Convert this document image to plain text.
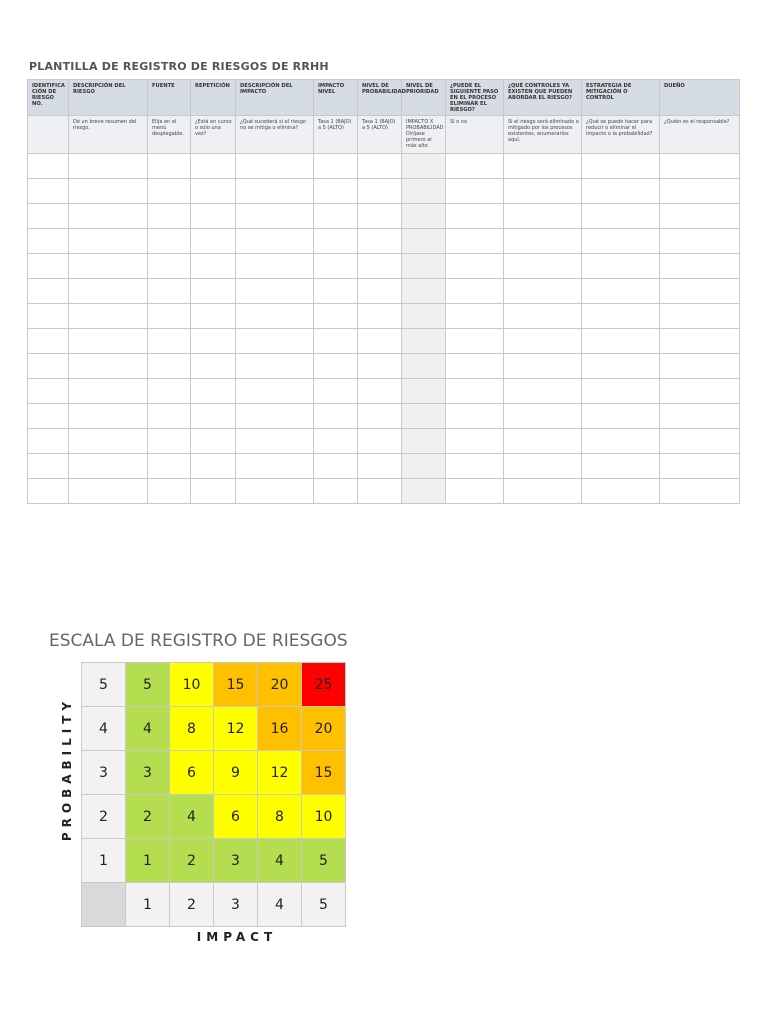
PLANTILLA DE REGISTRO DE RIESGOS DE RRHH
IDENTIFICA CIÓN DE RIESGO NO.	DESCRIPCIÓN DEL RIESGO	FUENTE	REPETICIÓN	DESCRIPCIÓN DEL IMPACTO	IMPACTO NIVEL	NIVEL DE PROBABILIDAD	NIVEL DE PRIORIDAD	¿PUEDE EL SIGUIENTE PASO EN EL PROCESO ELIMINAR EL RIESGO?	¿QUÉ CONTROLES YA EXISTEN QUE PUEDEN ABORDAR EL RIESGO?	ESTRATEGIA DE MITIGACIÓN O CONTROL	DUEÑO
	Dé un breve resumen del riesgo.	Elija en el menú desplegable.	¿Está en curso o solo una vez?	¿Qué sucederá si el riesgo no se mitiga o elimina?	Tasa 1 (BAJO) a 5 (ALTO)	Tasa 1 (BAJO) a 5 (ALTO)	IMPACTO X PROBABILIDAD Diríjase primero al más alto.	Sí o no	Si el riesgo será eliminado o mitigado por los procesos existentes, enumerarlos aquí.	¿Qué se puede hacer para reducir o eliminar el impacto o la probabilidad?	¿Quién es el responsable?

ESCALA DE REGISTRO DE RIESGOS
PROBABILITY
5	5	10	15	20	25
4	4	8	12	16	20
3	3	6	9	12	15
2	2	4	6	8	10
1	1	2	3	4	5
	1	2	3	4	5
IMPACT
